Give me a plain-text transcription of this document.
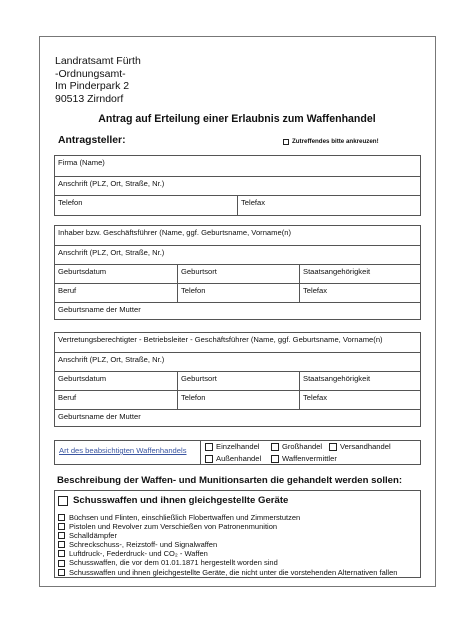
Landratsamt Fürth
-Ordnungsamt-
Im Pinderpark 2
90513 Zirndorf
Antrag auf Erteilung einer Erlaubnis zum Waffenhandel
Antragsteller:	Zutreffendes bitte ankreuzen!
Firma (Name)
Anschrift (PLZ, Ort, Straße, Nr.)
Telefon	Telefax
Inhaber bzw. Geschäftsführer (Name, ggf. Geburtsname, Vorname(n)
Anschrift (PLZ, Ort, Straße, Nr.)
Geburtsdatum	Geburtsort	Staatsangehörigkeit
Beruf	Telefon	Telefax
Geburtsname der Mutter
Vertretungsberechtigter - Betriebsleiter - Geschäftsführer (Name, ggf. Geburtsname, Vorname(n)
Anschrift (PLZ, Ort, Straße, Nr.)
Geburtsdatum	Geburtsort	Staatsangehörigkeit
Beruf	Telefon	Telefax
Geburtsname der Mutter
Art des beabsichtigten Waffenhandels	Einzelhandel	Großhandel Versandhandel
Außenhandel	Waffenvermittler
Beschreibung der Waffen- und Munitionsarten die gehandelt werden sollen:
Schusswaffen und ihnen gleichgestellte Geräte
Büchsen und Flinten, einschließlich Flobertwaffen und Zimmerstutzen
Pistolen und Revolver zum Verschießen von Patronenmunition
Schalldämpfer
Schreckschuss-, Reizstoff- und Signalwaffen
Luftdruck-, Federdruck- und CO₂ - Waffen
Schusswaffen, die vor dem 01.01.1871 hergestellt worden sind
Schusswaffen und ihnen gleichgestellte Geräte, die nicht unter die vorstehenden Alternativen fallen
